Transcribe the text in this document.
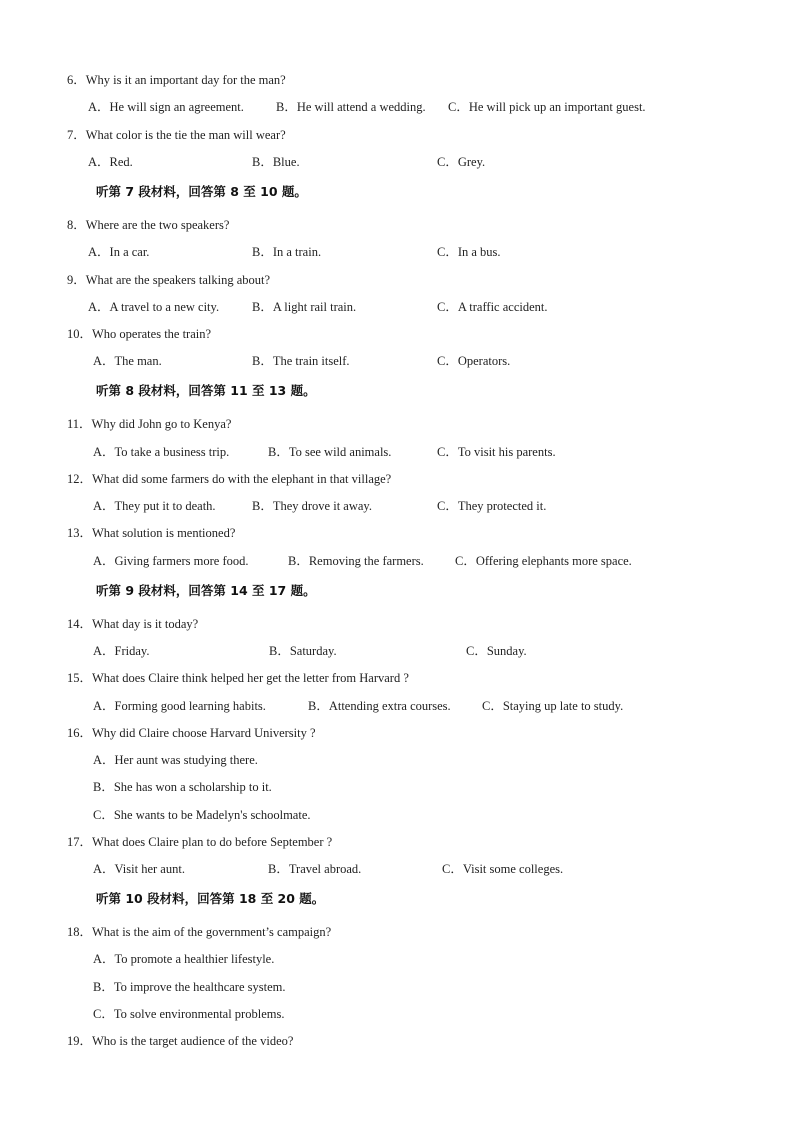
6．Why is it an important day for the man?
A．He will sign an agreement.	B．He will attend a wedding. C．He will pick up an important guest.
7．What color is the tie the man will wear?
A．Red.	B．Blue.	C．Grey.
听第 7 段材料，回答第 8 至 10 题。
8．Where are the two speakers?
A．In a car.	B．In a train.	C．In a bus.
9．What are the speakers talking about?
A．A travel to a new city.	B．A light rail train.	C．A traffic accident.
10．Who operates the train?
A．The man.	B．The train itself.	C．Operators.
听第 8 段材料，回答第 11 至 13 题。
11．Why did John go to Kenya?
A．To take a business trip.	B．To see wild animals.	C．To visit his parents.
12．What did some farmers do with the elephant in that village?
A．They put it to death.	B．They drove it away.	C．They protected it.
13．What solution is mentioned?
A．Giving farmers more food.	B．Removing the farmers.	C．Offering elephants more space.
听第 9 段材料，回答第 14 至 17 题。
14．What day is it today?
A．Friday.	B．Saturday.	C．Sunday.
15．What does Claire think helped her get the letter from Harvard ?
A．Forming good learning habits.	B．Attending extra courses.	C．Staying up late to study.
16．Why did Claire choose Harvard University ?
A．Her aunt was studying there.
B．She has won a scholarship to it.
C．She wants to be Madelyn's schoolmate.
17．What does Claire plan to do before September ?
A．Visit her aunt.	B．Travel abroad.	C．Visit some colleges.
听第 10 段材料，回答第 18 至 20 题。
18．What is the aim of the government’s campaign?
A．To promote a healthier lifestyle.
B．To improve the healthcare system.
C．To solve environmental problems.
19．Who is the target audience of the video?
